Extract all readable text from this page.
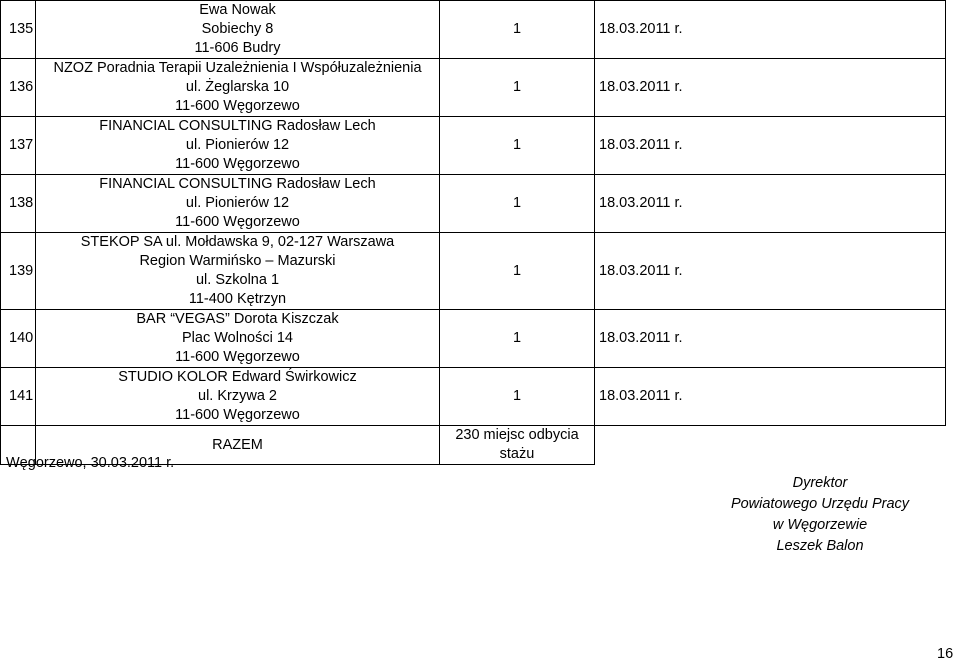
135	Ewa Nowak
Sobiechy 8
11-606 Budry	1	18.03.2011 r.
136	NZOZ Poradnia Terapii Uzależnienia I Współuzależnienia
ul. Żeglarska 10
11-600 Węgorzewo	1	18.03.2011 r.
137	FINANCIAL CONSULTING Radosław Lech
ul. Pionierów 12
11-600 Węgorzewo	1	18.03.2011 r.
138	FINANCIAL CONSULTING Radosław Lech
ul. Pionierów 12
11-600 Węgorzewo	1	18.03.2011 r.
139	STEKOP SA ul. Mołdawska 9, 02-127 Warszawa
Region Warmińsko – Mazurski
ul. Szkolna 1
11-400 Kętrzyn	1	18.03.2011 r.
140	BAR “VEGAS” Dorota Kiszczak
Plac Wolności 14
11-600 Węgorzewo	1	18.03.2011 r.
141	STUDIO KOLOR Edward Świrkowicz
ul. Krzywa 2
11-600 Węgorzewo	1	18.03.2011 r.
	RAZEM	230 miejsc odbycia stażu	
Węgorzewo, 30.03.2011 r.
Dyrektor
Powiatowego Urzędu Pracy
w Węgorzewie
Leszek Balon
16
